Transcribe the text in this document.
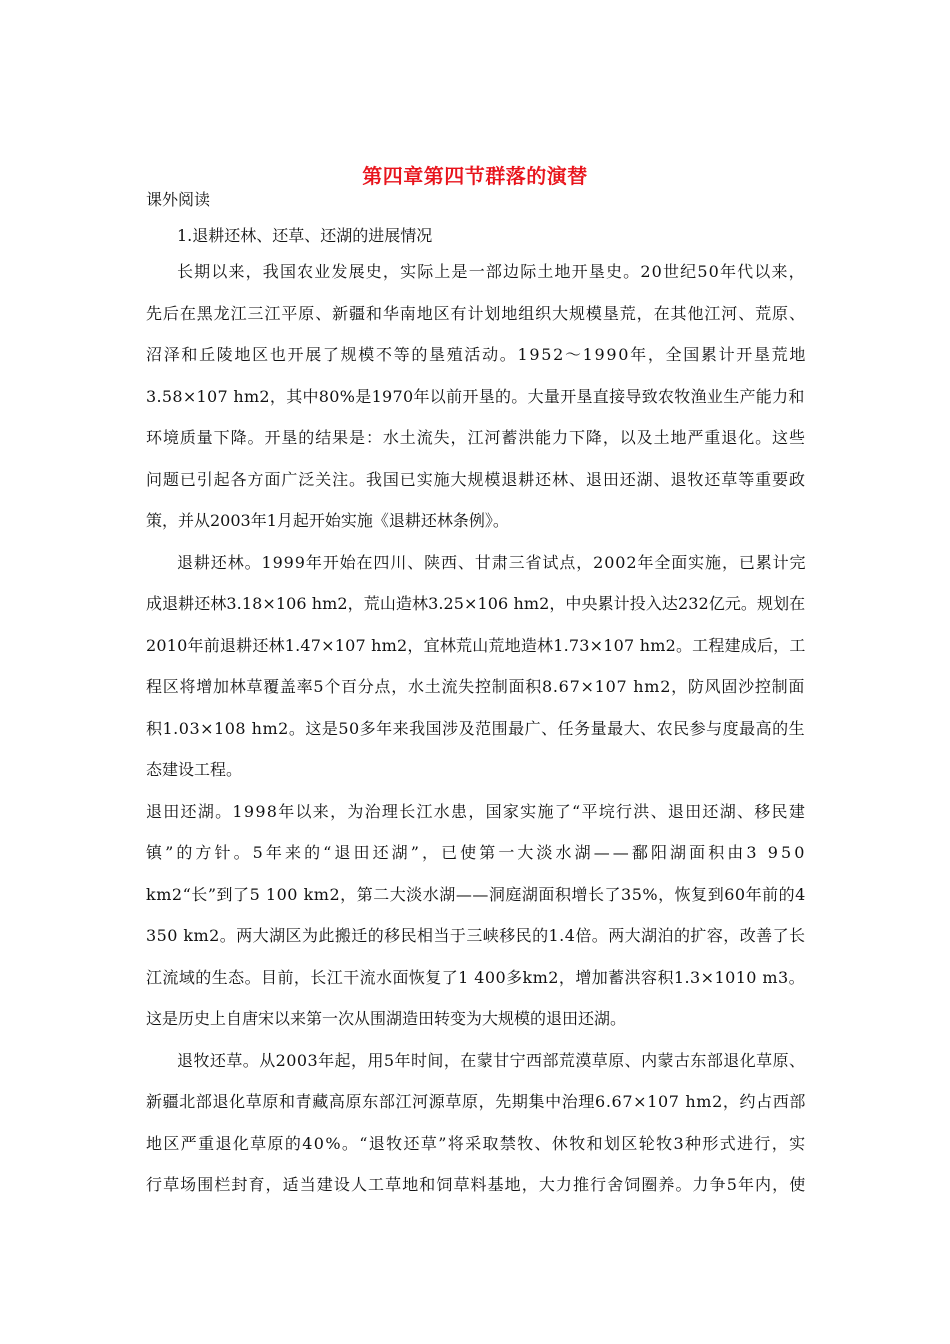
第四章第四节群落的演替
课外阅读
1.退耕还林、还草、还湖的进展情况
长期以来，我国农业发展史，实际上是一部边际土地开垦史。20世纪50年代以来，
先后在黑龙江三江平原、新疆和华南地区有计划地组织大规模垦荒，在其他江河、荒原、
沼泽和丘陵地区也开展了规模不等的垦殖活动。1952～1990年，全国累计开垦荒地
3.58×107 hm2，其中80%是1970年以前开垦的。大量开垦直接导致农牧渔业生产能力和
环境质量下降。开垦的结果是：水土流失，江河蓄洪能力下降，以及土地严重退化。这些
问题已引起各方面广泛关注。我国已实施大规模退耕还林、退田还湖、退牧还草等重要政
策，并从2003年1月起开始实施《退耕还林条例》。
退耕还林。1999年开始在四川、陕西、甘肃三省试点，2002年全面实施，已累计完
成退耕还林3.18×106 hm2，荒山造林3.25×106 hm2，中央累计投入达232亿元。规划在
2010年前退耕还林1.47×107 hm2，宜林荒山荒地造林1.73×107 hm2。工程建成后，工
程区将增加林草覆盖率5个百分点，水土流失控制面积8.67×107 hm2，防风固沙控制面
积1.03×108 hm2。这是50多年来我国涉及范围最广、任务量最大、农民参与度最高的生
态建设工程。
退田还湖。1998年以来，为治理长江水患，国家实施了“平垸行洪、退田还湖、移民建
镇”的方针。5年来的“退田还湖”，已使第一大淡水湖——鄱阳湖面积由3 950
km2“长”到了5 100 km2，第二大淡水湖——洞庭湖面积增长了35%，恢复到60年前的4
350 km2。两大湖区为此搬迁的移民相当于三峡移民的1.4倍。两大湖泊的扩容，改善了长
江流域的生态。目前，长江干流水面恢复了1 400多km2，增加蓄洪容积1.3×1010 m3。
这是历史上自唐宋以来第一次从围湖造田转变为大规模的退田还湖。
退牧还草。从2003年起，用5年时间，在蒙甘宁西部荒漠草原、内蒙古东部退化草原、
新疆北部退化草原和青藏高原东部江河源草原，先期集中治理6.67×107 hm2，约占西部
地区严重退化草原的40%。“退牧还草”将采取禁牧、休牧和划区轮牧3种形式进行，实
行草场围栏封育，适当建设人工草地和饲草料基地，大力推行舍饲圈养。力争5年内，使
